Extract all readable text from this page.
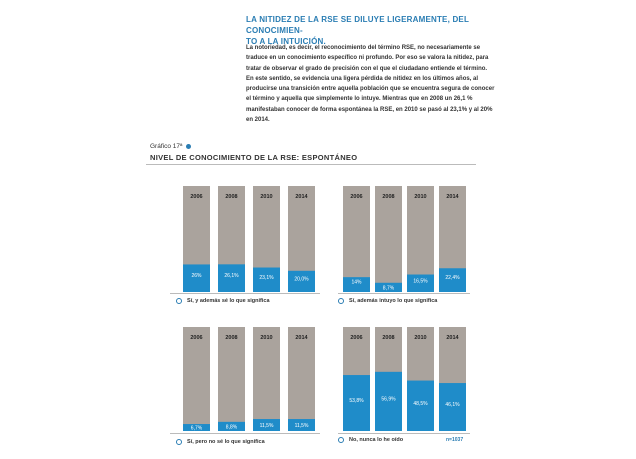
LA NITIDEZ DE LA RSE SE DILUYE LIGERAMENTE, DEL CONOCIMIEN-
TO A LA INTUICIÓN.
La notoriedad, es decir, el reconocimiento del término RSE, no necesariamente se traduce en un conocimiento específico ni profundo. Por eso se valora la nitidez, para tratar de observar el grado de precisión con el que el ciudadano entiende el término. En este sentido, se evidencia una ligera pérdida de nitidez en los últimos años, al producirse una transición entre aquella población que se encuentra segura de conocer el término y aquella que simplemente lo intuye. Mientras que en 2008 un 26,1 % manifestaban conocer de forma espontánea la RSE, en 2010 se pasó al 23,1% y al 20% en 2014.
Gráfico 17ª
NIVEL DE CONOCIMIENTO DE LA RSE: ESPONTÁNEO
2006
26%
2008
26,1%
2010
23,1%
2014
20,0%
Sí, y además sé lo que significa
2006
14%
2008
8,7%
2010
16,5%
2014
22,4%
Sí, además intuyo lo que significa
2006
6,7%
2008
8,8%
2010
11,5%
2014
11,5%
Sí, pero no sé lo que significa
2006
53,8%
2008
56,9%
2010
48,5%
2014
46,1%
No, nunca lo he oído	n=1037
